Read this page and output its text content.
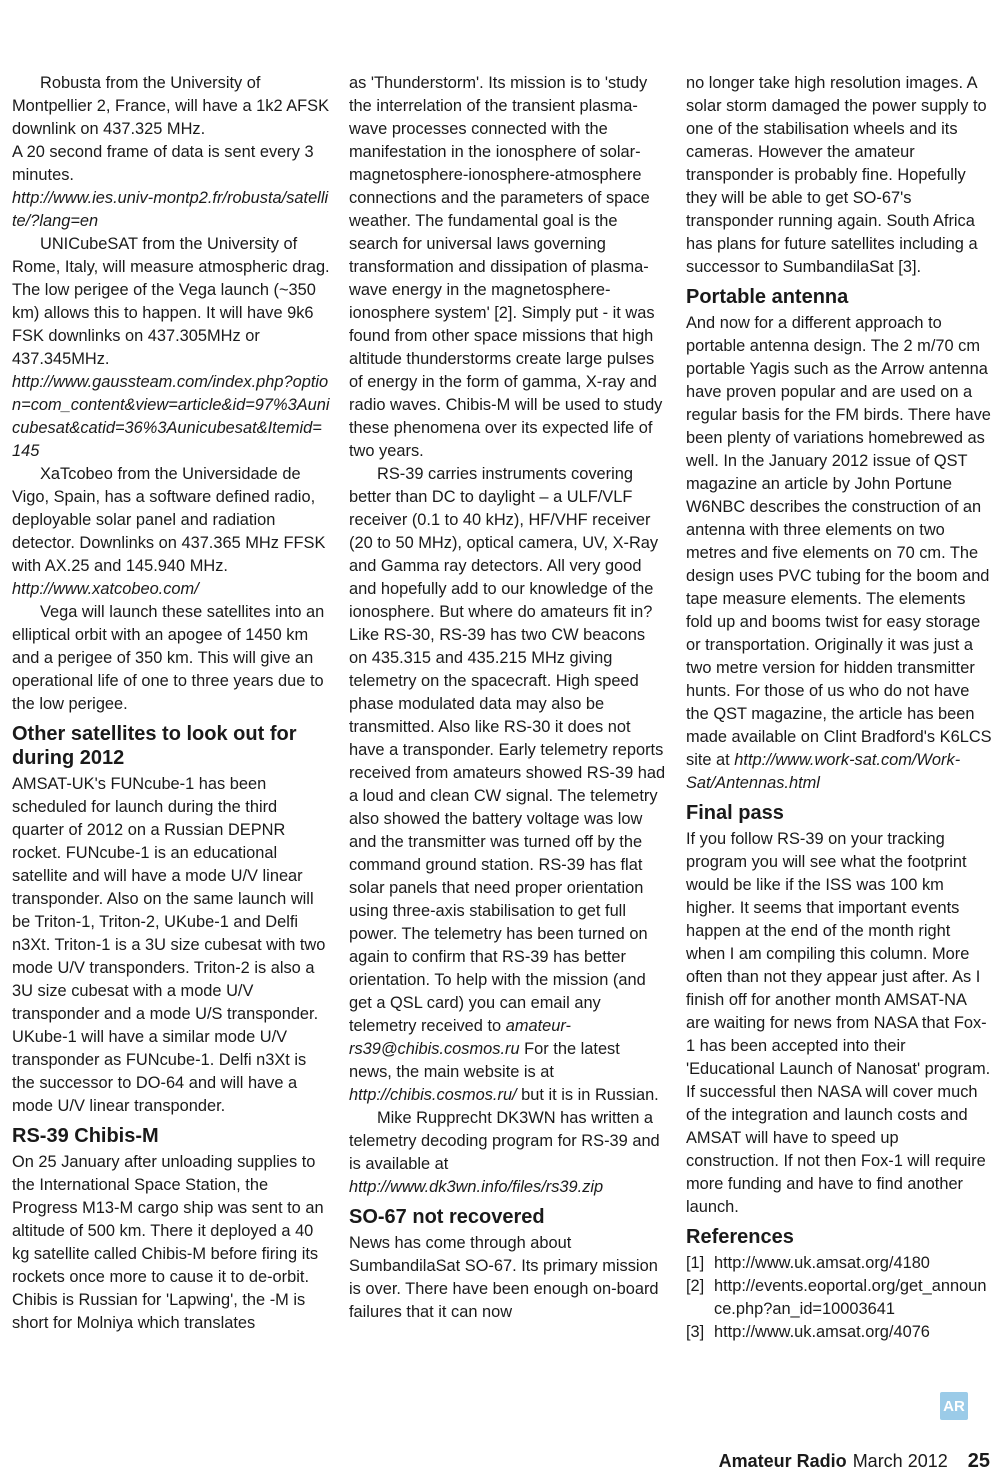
Robusta from the University of Montpellier 2, France, will have a 1k2 AFSK downlink on 437.325 MHz.

A 20 second frame of data is sent every 3 minutes.

http://www.ies.univ-montp2.fr/robusta/satellite/?lang=en

UNICubeSAT from the University of Rome, Italy, will measure atmospheric drag. The low perigee of the Vega launch (~350 km) allows this to happen. It will have 9k6 FSK downlinks on 437.305MHz or 437.345MHz.

http://www.gaussteam.com/index.php?option=com_content&view=article&id=97%3Aunicubesat&catid=36%3Aunicubesat&Itemid=145

XaTcobeo from the Universidade de Vigo, Spain, has a software defined radio, deployable solar panel and radiation detector. Downlinks on 437.365 MHz FFSK with AX.25 and 145.940 MHz.

http://www.xatcobeo.com/

Vega will launch these satellites into an elliptical orbit with an apogee of 1450 km and a perigee of 350 km. This will give an operational life of one to three years due to the low perigee.

Other satellites to look out for during 2012

AMSAT-UK's FUNcube-1 has been scheduled for launch during the third quarter of 2012 on a Russian DEPNR rocket. FUNcube-1 is an educational satellite and will have a mode U/V linear transponder. Also on the same launch will be Triton-1, Triton-2, UKube-1 and Delfi n3Xt. Triton-1 is a 3U size cubesat with two mode U/V transponders. Triton-2 is also a 3U size cubesat with a mode U/V transponder and a mode U/S transponder. UKube-1 will have a similar mode U/V transponder as FUNcube-1. Delfi n3Xt is the successor to DO-64 and will have a mode U/V linear transponder.

RS-39 Chibis-M

On 25 January after unloading supplies to the International Space Station, the Progress M13-M cargo ship was sent to an altitude of 500 km. There it deployed a 40 kg satellite called Chibis-M before firing its rockets once more to cause it to de-orbit. Chibis is Russian for 'Lapwing', the -M is short for Molniya which translates

as 'Thunderstorm'. Its mission is to 'study the interrelation of the transient plasma-wave processes connected with the manifestation in the ionosphere of solar-magnetosphere-ionosphere-atmosphere connections and the parameters of space weather. The fundamental goal is the search for universal laws governing transformation and dissipation of plasma-wave energy in the magnetosphere-ionosphere system' [2]. Simply put - it was found from other space missions that high altitude thunderstorms create large pulses of energy in the form of gamma, X-ray and radio waves. Chibis-M will be used to study these phenomena over its expected life of two years.

RS-39 carries instruments covering better than DC to daylight – a ULF/VLF receiver (0.1 to 40 kHz), HF/VHF receiver (20 to 50 MHz), optical camera, UV, X-Ray and Gamma ray detectors. All very good and hopefully add to our knowledge of the ionosphere. But where do amateurs fit in? Like RS-30, RS-39 has two CW beacons on 435.315 and 435.215 MHz giving telemetry on the spacecraft. High speed phase modulated data may also be transmitted. Also like RS-30 it does not have a transponder. Early telemetry reports received from amateurs showed RS-39 had a loud and clean CW signal. The telemetry also showed the battery voltage was low and the transmitter was turned off by the command ground station. RS-39 has flat solar panels that need proper orientation using three-axis stabilisation to get full power. The telemetry has been turned on again to confirm that RS-39 has better orientation. To help with the mission (and get a QSL card) you can email any telemetry received to amateur-rs39@chibis.cosmos.ru For the latest news, the main website is at http://chibis.cosmos.ru/ but it is in Russian.

Mike Rupprecht DK3WN has written a telemetry decoding program for RS-39 and is available at http://www.dk3wn.info/files/rs39.zip

SO-67 not recovered

News has come through about SumbandilaSat SO-67. Its primary mission is over. There have been enough on-board failures that it can now

no longer take high resolution images. A solar storm damaged the power supply to one of the stabilisation wheels and its cameras. However the amateur transponder is probably fine. Hopefully they will be able to get SO-67's transponder running again. South Africa has plans for future satellites including a successor to SumbandilaSat [3].

Portable antenna

And now for a different approach to portable antenna design. The 2 m/70 cm portable Yagis such as the Arrow antenna have proven popular and are used on a regular basis for the FM birds. There have been plenty of variations homebrewed as well. In the January 2012 issue of QST magazine an article by John Portune W6NBC describes the construction of an antenna with three elements on two metres and five elements on 70 cm. The design uses PVC tubing for the boom and tape measure elements. The elements fold up and booms twist for easy storage or transportation. Originally it was just a two metre version for hidden transmitter hunts. For those of us who do not have the QST magazine, the article has been made available on Clint Bradford's K6LCS site at http://www.work-sat.com/Work-Sat/Antennas.html

Final pass

If you follow RS-39 on your tracking program you will see what the footprint would be like if the ISS was 100 km higher. It seems that important events happen at the end of the month right when I am compiling this column. More often than not they appear just after. As I finish off for another month AMSAT-NA are waiting for news from NASA that Fox-1 has been accepted into their 'Educational Launch of Nanosat' program. If successful then NASA will cover much of the integration and launch costs and AMSAT will have to speed up construction. If not then Fox-1 will require more funding and have to find another launch.

References
[1] http://www.uk.amsat.org/4180
[2] http://events.eoportal.org/get_announce.php?an_id=10003641
[3] http://www.uk.amsat.org/4076
AR
Amateur Radio March 2012 25
